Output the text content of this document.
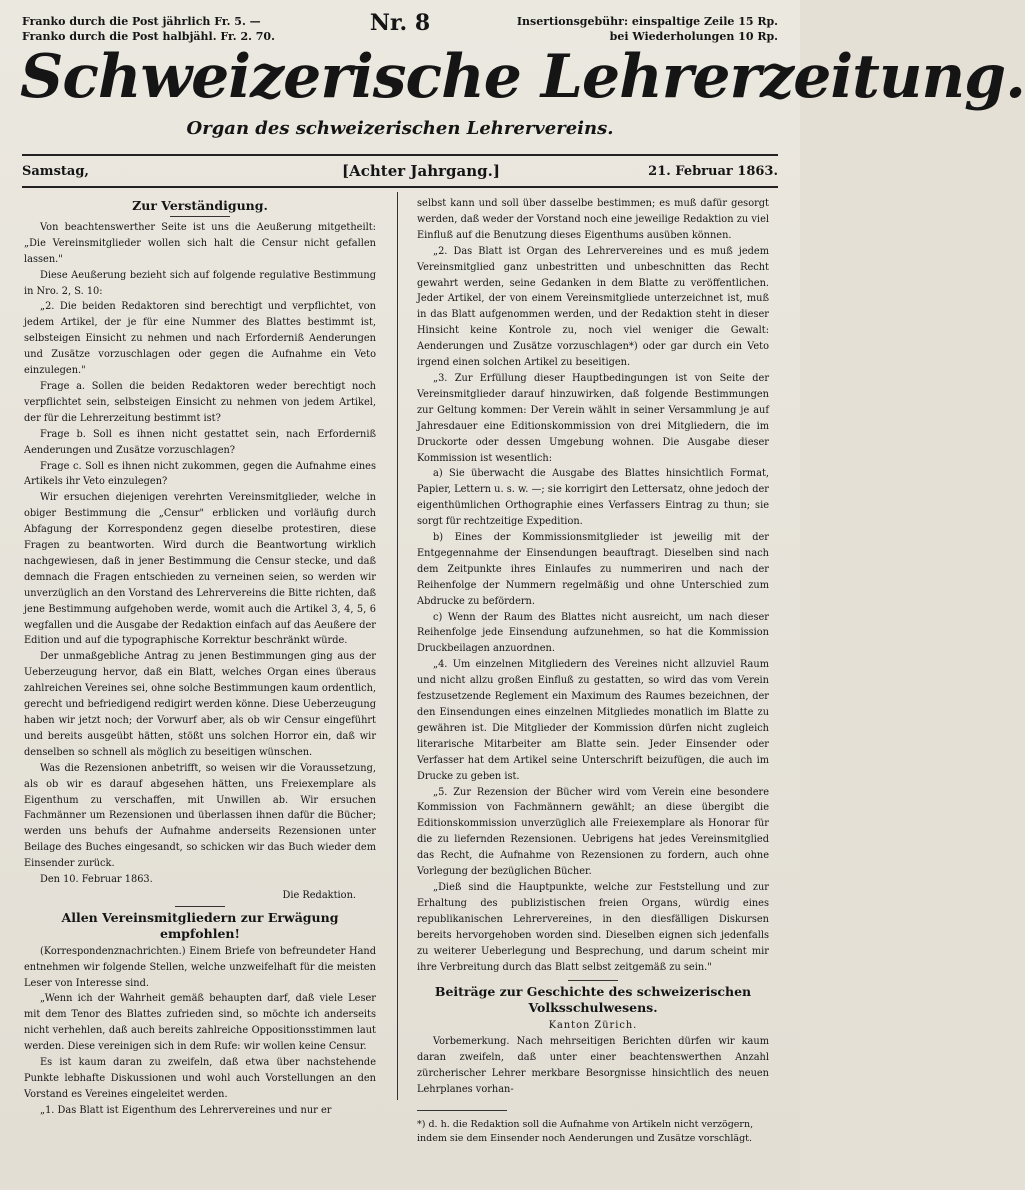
Franko durch die Post jährlich Fr. 5. —
Franko durch die Post halbjähl. Fr. 2. 70.
Nr. 8	Insertionsgebühr: einspaltige Zeile 15 Rp.
bei Wiederholungen 10 Rp.
Schweizerische Lehrerzeitung.
Organ des schweizerischen Lehrervereins.
Samstag,	[Achter Jahrgang.]	21. Februar 1863.
Zur Verständigung.

Von beachtenswerther Seite ist uns die Aeußerung mitgetheilt: „Die Vereinsmitglieder wollen sich halt die Censur nicht gefallen lassen."

Diese Aeußerung bezieht sich auf folgende regulative Bestimmung in Nro. 2, S. 10:

„2. Die beiden Redaktoren sind berechtigt und verpflichtet, von jedem Artikel, der je für eine Nummer des Blattes bestimmt ist, selbsteigen Einsicht zu nehmen und nach Erforderniß Aenderungen und Zusätze vorzuschlagen oder gegen die Aufnahme ein Veto einzulegen."

Frage a. Sollen die beiden Redaktoren weder berechtigt noch verpflichtet sein, selbsteigen Einsicht zu nehmen von jedem Artikel, der für die Lehrerzeitung bestimmt ist?

Frage b. Soll es ihnen nicht gestattet sein, nach Erforderniß Aenderungen und Zusätze vorzuschlagen?

Frage c. Soll es ihnen nicht zukommen, gegen die Aufnahme eines Artikels ihr Veto einzulegen?

Wir ersuchen diejenigen verehrten Vereinsmitglieder, welche in obiger Bestimmung die „Censur" erblicken und vorläufig durch Abfagung der Korrespondenz gegen dieselbe protestiren, diese Fragen zu beantworten. Wird durch die Beantwortung wirklich nachgewiesen, daß in jener Bestimmung die Censur stecke, und daß demnach die Fragen entschieden zu verneinen seien, so werden wir unverzüglich an den Vorstand des Lehrervereins die Bitte richten, daß jene Bestimmung aufgehoben werde, womit auch die Artikel 3, 4, 5, 6 wegfallen und die Ausgabe der Redaktion einfach auf das Aeußere der Edition und auf die typographische Korrektur beschränkt würde.

Der unmaßgebliche Antrag zu jenen Bestimmungen ging aus der Ueberzeugung hervor, daß ein Blatt, welches Organ eines überaus zahlreichen Vereines sei, ohne solche Bestimmungen kaum ordentlich, gerecht und befriedigend redigirt werden könne. Diese Ueberzeugung haben wir jetzt noch; der Vorwurf aber, als ob wir Censur eingeführt und bereits ausgeübt hätten, stößt uns solchen Horror ein, daß wir denselben so schnell als möglich zu beseitigen wünschen.

Was die Rezensionen anbetrifft, so weisen wir die Voraussetzung, als ob wir es darauf abgesehen hätten, uns Freiexemplare als Eigenthum zu verschaffen, mit Unwillen ab. Wir ersuchen Fachmänner um Rezensionen und überlassen ihnen dafür die Bücher; werden uns behufs der Aufnahme anderseits Rezensionen unter Beilage des Buches eingesandt, so schicken wir das Buch wieder dem Einsender zurück.

Den 10. Februar 1863.

Die Redaktion.

Allen Vereinsmitgliedern zur Erwägung empfohlen!

(Korrespondenznachrichten.) Einem Briefe von befreundeter Hand entnehmen wir folgende Stellen, welche unzweifelhaft für die meisten Leser von Interesse sind.

„Wenn ich der Wahrheit gemäß behaupten darf, daß viele Leser mit dem Tenor des Blattes zufrieden sind, so möchte ich anderseits nicht verhehlen, daß auch bereits zahlreiche Oppositionsstimmen laut werden. Diese vereinigen sich in dem Rufe: wir wollen keine Censur.

Es ist kaum daran zu zweifeln, daß etwa über nachstehende Punkte lebhafte Diskussionen und wohl auch Vorstellungen an den Vorstand es Vereines eingeleitet werden.

„1. Das Blatt ist Eigenthum des Lehrervereines und nur er

selbst kann und soll über dasselbe bestimmen; es muß dafür gesorgt werden, daß weder der Vorstand noch eine jeweilige Redaktion zu viel Einfluß auf die Benutzung dieses Eigenthums ausüben können.

„2. Das Blatt ist Organ des Lehrervereines und es muß jedem Vereinsmitglied ganz unbestritten und unbeschnitten das Recht gewahrt werden, seine Gedanken in dem Blatte zu veröffentlichen. Jeder Artikel, der von einem Vereinsmitgliede unterzeichnet ist, muß in das Blatt aufgenommen werden, und der Redaktion steht in dieser Hinsicht keine Kontrole zu, noch viel weniger die Gewalt: Aenderungen und Zusätze vorzuschlagen*) oder gar durch ein Veto irgend einen solchen Artikel zu beseitigen.

„3. Zur Erfüllung dieser Hauptbedingungen ist von Seite der Vereinsmitglieder darauf hinzuwirken, daß folgende Bestimmungen zur Geltung kommen: Der Verein wählt in seiner Versammlung je auf Jahresdauer eine Editionskommission von drei Mitgliedern, die im Druckorte oder dessen Umgebung wohnen. Die Ausgabe dieser Kommission ist wesentlich:

a) Sie überwacht die Ausgabe des Blattes hinsichtlich Format, Papier, Lettern u. s. w. —; sie korrigirt den Lettersatz, ohne jedoch der eigenthümlichen Orthographie eines Verfassers Eintrag zu thun; sie sorgt für rechtzeitige Expedition.

b) Eines der Kommissionsmitglieder ist jeweilig mit der Entgegennahme der Einsendungen beauftragt. Dieselben sind nach dem Zeitpunkte ihres Einlaufes zu nummeriren und nach der Reihenfolge der Nummern regelmäßig und ohne Unterschied zum Abdrucke zu befördern.

c) Wenn der Raum des Blattes nicht ausreicht, um nach dieser Reihenfolge jede Einsendung aufzunehmen, so hat die Kommission Druckbeilagen anzuordnen.

„4. Um einzelnen Mitgliedern des Vereines nicht allzuviel Raum und nicht allzu großen Einfluß zu gestatten, so wird das vom Verein festzusetzende Reglement ein Maximum des Raumes bezeichnen, der den Einsendungen eines einzelnen Mitgliedes monatlich im Blatte zu gewähren ist. Die Mitglieder der Kommission dürfen nicht zugleich literarische Mitarbeiter am Blatte sein. Jeder Einsender oder Verfasser hat dem Artikel seine Unterschrift beizufügen, die auch im Drucke zu geben ist.

„5. Zur Rezension der Bücher wird vom Verein eine besondere Kommission von Fachmännern gewählt; an diese übergibt die Editionskommission unverzüglich alle Freiexemplare als Honorar für die zu liefernden Rezensionen. Uebrigens hat jedes Vereinsmitglied das Recht, die Aufnahme von Rezensionen zu fordern, auch ohne Vorlegung der bezüglichen Bücher.

„Dieß sind die Hauptpunkte, welche zur Feststellung und zur Erhaltung des publizistischen freien Organs, würdig eines republikanischen Lehrervereines, in den diesfälligen Diskursen bereits hervorgehoben worden sind. Dieselben eignen sich jedenfalls zu weiterer Ueberlegung und Besprechung, und darum scheint mir ihre Verbreitung durch das Blatt selbst zeitgemäß zu sein."

Beiträge zur Geschichte des schweizerischen Volksschulwesens.

Kanton Zürich.

Vorbemerkung. Nach mehrseitigen Berichten dürfen wir kaum daran zweifeln, daß unter einer beachtenswerthen Anzahl zürcherischer Lehrer merkbare Besorgnisse hinsichtlich des neuen Lehrplanes vorhan-

*) d. h. die Redaktion soll die Aufnahme von Artikeln nicht verzögern, indem sie dem Einsender noch Aenderungen und Zusätze vorschlägt.
